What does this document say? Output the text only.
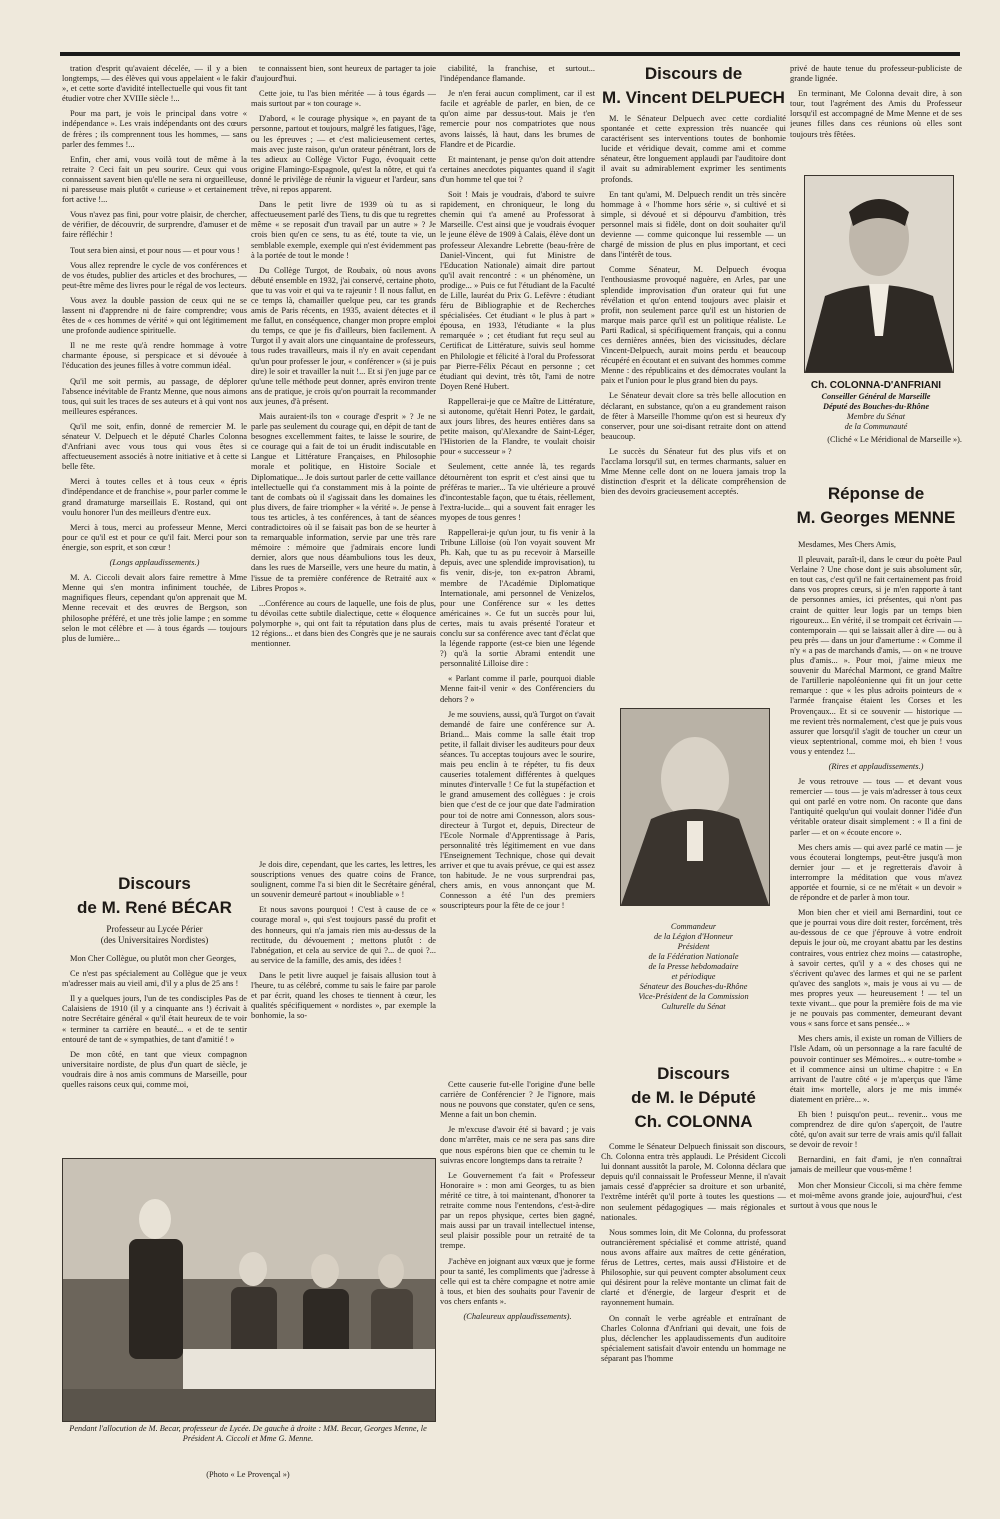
tration d'esprit qu'avaient décelée, — il y a bien longtemps, — des élèves qui vous appelaient « le fakir », et cette sorte d'avidité intellectuelle qui vous fit tant étudier votre cher XVIIIe siècle !...

Pour ma part, je vois le principal dans votre « indépendance ». Les vrais indépendants ont des cœurs de frères ; ils comprennent tous les hommes, — sans parler des femmes !...

Enfin, cher ami, vous voilà tout de même à la retraite ? Ceci fait un peu sourire. Ceux qui vous connaissent savent bien qu'elle ne sera ni orgueilleuse, ni paresseuse mais plutôt « curieuse » et certainement fort active !...

Vous n'avez pas fini, pour votre plaisir, de chercher, de vérifier, de découvrir, de surprendre, d'amuser et de faire réfléchir !

Tout sera bien ainsi, et pour nous — et pour vous !

Vous allez reprendre le cycle de vos conférences et de vos études, publier des articles et des brochures, — peut-être même des livres pour le régal de vos lecteurs.

Vous avez la double passion de ceux qui ne se lassent ni d'apprendre ni de faire comprendre; vous êtes de « ces hommes de vérité » qui ont légitimement une profonde audience spirituelle.

Il ne me reste qu'à rendre hommage à votre charmante épouse, si perspicace et si dévouée à l'éducation des jeunes filles à votre commun idéal.

Qu'il me soit permis, au passage, de déplorer l'absence inévitable de Frantz Menne, que nous aimons tous, qui suit les traces de ses auteurs et à qui vont nos meilleures espérances.

Qu'il me soit, enfin, donné de remercier M. le sénateur V. Delpuech et le député Charles Colonna d'Anfriani avec vous tous qui vous êtes si affectueusement associés à notre initiative et à cette si belle fête.

Merci à toutes celles et à tous ceux « épris d'indépendance et de franchise », pour parler comme le grand dramaturge marseillais E. Rostand, qui ont voulu honorer l'un des meilleurs d'entre eux.

Merci à tous, merci au professeur Menne, Merci pour ce qu'il est et pour ce qu'il fait. Merci pour son énergie, son esprit, et son cœur !

(Longs applaudissements.)

M. A. Ciccoli devait alors faire remettre à Mme Menne qui s'en montra infiniment touchée, de magnifiques fleurs, cependant qu'on apprenait que M. Menne recevait et des œuvres de Bergson, son philosophe préféré, et une très jolie lampe ; en somme selon le mot célèbre et — à tous égards — toujours plus de lumière...

Discours
de M. René BÉCAR

Professeur au Lycée Périer

(des Universitaires Nordistes)

Mon Cher Collègue, ou plutôt mon cher Georges,

Ce n'est pas spécialement au Collègue que je veux m'adresser mais au vieil ami, d'il y a plus de 25 ans !

Il y a quelques jours, l'un de tes condisciples Pas de Calaisiens de 1910 (il y a cinquante ans !) écrivait à notre Secrétaire général « qu'il était heureux de te voir « terminer ta carrière en beauté... « et de te sentir entouré de tant de « sympathies, de tant d'amitié ! »

De mon côté, en tant que vieux compagnon universitaire nordiste, de plus d'un quart de siècle, je voudrais dire à nos amis communs de Marseille, pour quelles raisons ceux qui, comme moi,

te connaissent bien, sont heureux de partager ta joie d'aujourd'hui.

Cette joie, tu l'as bien méritée — à tous égards — mais surtout par « ton courage ».

D'abord, « le courage physique », en payant de ta personne, partout et toujours, malgré les fatigues, l'âge, ou les épreuves ; — et c'est malicieusement certes, mais avec juste raison, qu'un orateur pénétrant, lors de tes adieux au Collège Victor Fugo, évoquait cette origine Flamingo-Espagnole, qu'est la nôtre, et qui t'a donné le privilège de réunir la vigueur et l'ardeur, sans trêve, ni repos apparent.

Dans le petit livre de 1939 où tu as si affectueusement parlé des Tiens, tu dis que tu regrettes même « se reposait d'un travail par un autre » ? Je crois bien qu'en ce sens, tu as été, toute ta vie, un semblable exemple, exemple qui n'est évidemment pas à la portée de tout le monde !

Du Collège Turgot, de Roubaix, où nous avons débuté ensemble en 1932, j'ai conservé, certaine photo, que tu vas voir et qui va te rajeunir ! Il nous fallut, en ce temps là, chamailler quelque peu, car tes grands amis de Paris récents, en 1935, avaient détectes et il me fallut, en conséquence, changer mon propre emploi du temps, ce que je fis d'ailleurs, bien facilement. A Turgot il y avait alors une cinquantaine de professeurs, tous rudes travailleurs, mais il n'y en avait cependant qu'un pour professer le jour, « conférencer » (si je puis dire) le soir et travailler la nuit !... Et si j'en juge par ce qu'une telle méthode peut donner, après environ trente ans de pratique, je crois qu'on pourrait la recommander aux jeunes, d'à présent.

Mais auraient-ils ton « courage d'esprit » ? Je ne parle pas seulement du courage qui, en dépit de tant de besognes excellemment faites, te laisse le sourire, de ce courage qui a fait de toi un érudit indiscutable en Langue et Littérature Françaises, en Philosophie morale et politique, en Histoire Sociale et Diplomatique... Je dois surtout parler de cette vaillance intellectuelle qui t'a constamment mis à la pointe de tant de combats où il s'agissait dans les domaines les plus divers, de faire triompher « la vérité ». Je pense à tous tes articles, à tes conférences, à tant de séances contradictoires où il se faisait pas bon de se heurter à ta remarquable information, servie par une très rare mémoire : mémoire que j'admirais encore lundi dernier, alors que nous déambulions tous les deux, dans les rues de Marseille, vers une heure du matin, à l'issue de ta première conférence de Retraité aux « Libres Propos ».

...Conférence au cours de laquelle, une fois de plus, tu dévoilas cette subtile dialectique, cette « éloquence polymorphe », qui ont fait ta réputation dans plus de 12 régions... et dans bien des Congrès que je ne saurais mentionner.

Je dois dire, cependant, que les cartes, les lettres, les souscriptions venues des quatre coins de France, soulignent, comme l'a si bien dit le Secrétaire général, un souvenir demeuré partout « inoubliable » !

Et nous savons pourquoi ! C'est à cause de ce « courage moral », qui s'est toujours passé du profit et des honneurs, qui n'a jamais rien mis au-dessus de la rectitude, du dévouement ; mettons plutôt : de l'abnégation, et cela au service de qui ?... de quoi ?... au service de la famille, des amis, des idées !

Dans le petit livre auquel je faisais allusion tout à l'heure, tu as célébré, comme tu sais le faire par parole et par écrit, quand les choses te tiennent à cœur, les qualités spécifiquement « nordistes », par exemple la bonhomie, la so-

Pendant l'allocution de M. Becar, professeur de Lycée. De gauche à droite : MM. Becar, Georges Menne, le Président A. Ciccoli et Mme G. Menne.
(Photo « Le Provençal »)

ciabilité, la franchise, et surtout... l'indépendance flamande.

Je n'en ferai aucun compliment, car il est facile et agréable de parler, en bien, de ce qu'on aime par dessus-tout. Mais je t'en remercie pour nos compatriotes que nous avons laissés, là haut, dans les brumes de Flandre et de Picardie.

Et maintenant, je pense qu'on doit attendre certaines anecdotes piquantes quand il s'agit d'un homme tel que toi ?

Soit ! Mais je voudrais, d'abord te suivre rapidement, en chroniqueur, le long du chemin qui t'a amené au Professorat à Marseille. C'est ainsi que je voudrais évoquer le jeune élève de 1909 à Calais, élève dont un professeur Alexandre Lebrette (beau-frère de Daniel-Vincent, qui fut Ministre de l'Education Nationale) aimait dire partout qu'il avait rencontré : « un phénomène, un prodige... » Puis ce fut l'étudiant de la Faculté de Lille, lauréat du Prix G. Lefèvre : étudiant féru de Bibliographie et de Recherches spécialisées. Cet étudiant « le plus à part » épousa, en 1933, l'étudiante « la plus remarquée » ; cet étudiant fut reçu seul au Certificat de Littérature, suivis seul homme en Philologie et félicité à l'oral du Professorat par Pierre-Félix Pécaut en personne ; cet étudiant qui devint, très tôt, l'ami de notre Doyen René Hubert.

Rappellerai-je que ce Maître de Littérature, si autonome, qu'était Henri Potez, le gardait, aux jours libres, des heures entières dans sa petite maison, qu'Alexandre de Saint-Léger, l'Historien de la Flandre, te voulait choisir pour « successeur » ?

Seulement, cette année là, tes regards détournèrent ton esprit et c'est ainsi que tu préféras te marier... Ta vie ultérieure a prouvé d'incontestable façon, que tu étais, réellement, l'extra-lucide... qui a souvent fait enrager les myopes de tous genres !

Rappellerai-je qu'un jour, tu fis venir à la Tribune Lilloise (où l'on voyait souvent Mr Ph. Kah, que tu as pu recevoir à Marseille depuis, avec une splendide improvisation), tu fis venir, dis-je, ton ex-patron Abrami, membre de l'Académie Diplomatique Internationale, ami personnel de Venizelos, pour une Conférence sur « les dettes américaines ». Ce fut un succès pour lui, certes, mais tu avais présenté l'orateur et conclu sur sa conférence avec tant d'éclat que la légende rapporte (est-ce bien une légende ?) qu'à la sortie Abrami entendit une personnalité Lilloise dire :

« Parlant comme il parle, pourquoi diable Menne fait-il venir « des Conférenciers du dehors ? »

Je me souviens, aussi, qu'à Turgot on t'avait demandé de faire une conférence sur A. Briand... Mais comme la salle était trop petite, il fallait diviser les auditeurs pour deux séances. Tu acceptas toujours avec le sourire, mais peu enclin à te répéter, tu fis deux causeries totalement différentes à quelques minutes d'intervalle ! Ce fut la stupéfaction et le grand amusement des collègues : je crois bien que c'est de ce jour que date l'admiration pour toi de notre ami Connesson, alors sous-directeur à Turgot et, depuis, Directeur de l'Ecole Normale d'Apprentissage à Paris, personnalité très légitimement en vue dans l'Enseignement Technique, chose qui devait arriver et que tu avais prévue, ce qui est assez ton habitude. Je ne vous surprendrai pas, chers amis, en vous annonçant que M. Connesson a été l'un des premiers souscripteurs pour la fête de ce jour !

Cette causerie fut-elle l'origine d'une belle carrière de Conférencier ? Je l'ignore, mais nous ne pouvons que constater, qu'en ce sens, Menne a fait un bon chemin.

Je m'excuse d'avoir été si bavard ; je vais donc m'arrêter, mais ce ne sera pas sans dire que nous espérons bien que ce chemin tu le suivras encore longtemps dans ta retraite ?

Le Gouvernement t'a fait « Professeur Honoraire » : mon ami Georges, tu as bien mérité ce titre, à toi maintenant, d'honorer ta retraite comme nous l'entendons, c'est-à-dire par un repos physique, certes bien gagné, mais aussi par un travail intellectuel intense, seul plaisir possible pour un retraité de ta trempe.

J'achève en joignant aux vœux que je forme pour ta santé, les compliments que j'adresse à celle qui est ta chère compagne et notre amie à tous, et bien des souhaits pour l'avenir de vos chers enfants ».

(Chaleureux applaudissements).

Discours de
M. Vincent DELPUECH

M. le Sénateur Delpuech avec cette cordialité spontanée et cette expression très nuancée qui caractérisent ses interventions toutes de bonhomie lucide et véridique devait, comme ami et comme sénateur, être longuement applaudi par l'auditoire dont il avait su admirablement exprimer les sentiments profonds.

En tant qu'ami, M. Delpuech rendit un très sincère hommage à « l'homme hors série », si cultivé et si simple, si dévoué et si dépourvu d'ambition, très personnel mais si fidèle, dont on doit souhaiter qu'il devienne — comme quiconque lui ressemble — un chargé de mission de plus en plus important, et ceci dans l'intérêt de tous.

Comme Sénateur, M. Delpuech évoqua l'enthousiasme provoqué naguère, en Arles, par une splendide improvisation d'un orateur qui fut une révélation et qu'on entend toujours avec plaisir et profit, non seulement parce qu'il est un historien de marque mais parce qu'il est un politique réaliste. Le Parti Radical, si spécifiquement français, qui a connu ces dernières années, bien des vicissitudes, déclare Vincent-Delpuech, aurait moins perdu et beaucoup récupéré en écoutant et en suivant des hommes comme Menne : des républicains et des démocrates voulant la paix et l'union pour le plus grand bien du pays.

Le Sénateur devait clore sa très belle allocution en déclarant, en substance, qu'on a eu grandement raison de fêter à Marseille l'homme qu'on est si heureux d'y conserver, pour une soi-disant retraite dont on attend beaucoup.

Le succès du Sénateur fut des plus vifs et on l'acclama lorsqu'il sut, en termes charmants, saluer en Mme Menne celle dont on ne louera jamais trop la distinction d'esprit et la délicate compréhension de bien des devoirs gracieusement acceptés.

Commandeur
de la Légion d'Honneur
Président
de la Fédération Nationale
de la Presse hebdomadaire
et périodique
Sénateur des Bouches-du-Rhône
Vice-Président de la Commission
Culturelle du Sénat
Discours
de M. le Député
Ch. COLONNA

Comme le Sénateur Delpuech finissait son discours, Ch. Colonna entra très applaudi. Le Président Ciccoli lui donnant aussitôt la parole, M. Colonna déclara que depuis qu'il connaissait le Professeur Menne, il n'avait jamais cessé d'apprécier sa droiture et son urbanité, l'extrême intérêt qu'il porte à toutes les questions — non seulement pédagogiques — mais régionales et nationales.

Nous sommes loin, dit Me Colonna, du professorat outrancièrement spécialisé et comme attristé, quand nous avons affaire aux maîtres de cette génération, férus de Lettres, certes, mais aussi d'Histoire et de Philosophie, sur qui peuvent compter absolument ceux qui désirent pour la relève montante un climat fait de clarté et d'énergie, de largeur d'esprit et de rayonnement humain.

On connaît le verbe agréable et entraînant de Charles Colonna d'Anfriani qui devait, une fois de plus, déclencher les applaudissements d'un auditoire spécialement satisfait d'avoir entendu un hommage ne séparant pas l'homme

privé de haute tenue du professeur-publiciste de grande lignée.

En terminant, Me Colonna devait dire, à son tour, tout l'agrément des Amis du Professeur lorsqu'il est accompagné de Mme Menne et de ses jeunes filles dans ces réunions où elles sont toujours très fêtées.

Ch. COLONNA-D'ANFRIANI
Conseiller Général de Marseille
Député des Bouches-du-Rhône
Membre du Sénat
de la Communauté
(Cliché « Le Méridional de Marseille »).
Réponse de
M. Georges MENNE

Mesdames, Mes Chers Amis,

Il pleuvait, paraît-il, dans le cœur du poète Paul Verlaine ? Une chose dont je suis absolument sûr, en tout cas, c'est qu'il ne fait certainement pas froid dans vos propres cœurs, si je m'en rapporte à tant de personnes amies, ici présentes, qui n'ont pas craint de quitter leur logis par un temps bien rigoureux... En vérité, il se trompait cet écrivain — contemporain — qui se laissait aller à dire — ou à peu près — dans un jour d'amertume : « Comme il n'y « a pas de marchands d'amis, — on « ne trouve plus d'amis... ». Pour moi, j'aime mieux me souvenir du Maréchal Marmont, ce grand Maître de l'artillerie napoléonienne qui fit un jour cette remarque : que « les plus adroits pointeurs de « l'armée française étaient les Corses et les Provençaux... Et si ce souvenir — historique — me revient très normalement, c'est que je puis vous assurer que lorsqu'il s'agit de toucher un cœur un vieux septentrional, comme moi, eh bien ! vous vous y entendez !...

(Rires et applaudissements.)

Je vous retrouve — tous — et devant vous remercier — tous — je vais m'adresser à tous ceux qui ont parlé en votre nom. On raconte que dans l'antiquité quelqu'un qui voulait donner l'idée d'un véritable orateur disait simplement : « Il a fini de parler — et on « écoute encore ».

Mes chers amis — qui avez parlé ce matin — je vous écouterai longtemps, peut-être jusqu'à mon dernier jour — et je regretterais d'avoir à interrompre la méditation que vous m'avez apportée et fournie, si ce ne m'était « un devoir » de répondre et de parler à mon tour.

Mon bien cher et vieil ami Bernardini, tout ce que je pourrai vous dire doit rester, forcément, très au-dessous de ce que j'éprouve à votre endroit depuis le jour où, me croyant abattu par les destins contraires, vous entriez chez moins — catastrophe, à savoir certes, qu'il y a « des choses qui ne s'écrivent qu'avec des larmes et qui ne se parlent qu'avec des sanglots », mais je vous ai vu — de mes propres yeux — heureusement ! — tel un texte vivant... que pour la première fois de ma vie je ne pouvais pas commenter, demeurant devant vous « sans force et sans pensée... »

Mes chers amis, il existe un roman de Villiers de l'Isle Adam, où un personnage a la rare faculté de pouvoir continuer ses Mémoires... « outre-tombe » et il commence ainsi un ultime chapitre : « En arrivant de l'autre côté « je m'aperçus que l'âme était im« mortelle, alors je me mis immé« diatement en prière... ».

Eh bien ! puisqu'on peut... revenir... vous me comprendrez de dire qu'on s'aperçoit, de l'autre côté, qu'on avait sur terre de vrais amis qu'il fallait se devoir de revoir !

Bernardini, en fait d'ami, je n'en connaîtrai jamais de meilleur que vous-même !

Mon cher Monsieur Ciccoli, si ma chère femme et moi-même avons grande joie, aujourd'hui, c'est surtout à vous que nous le
